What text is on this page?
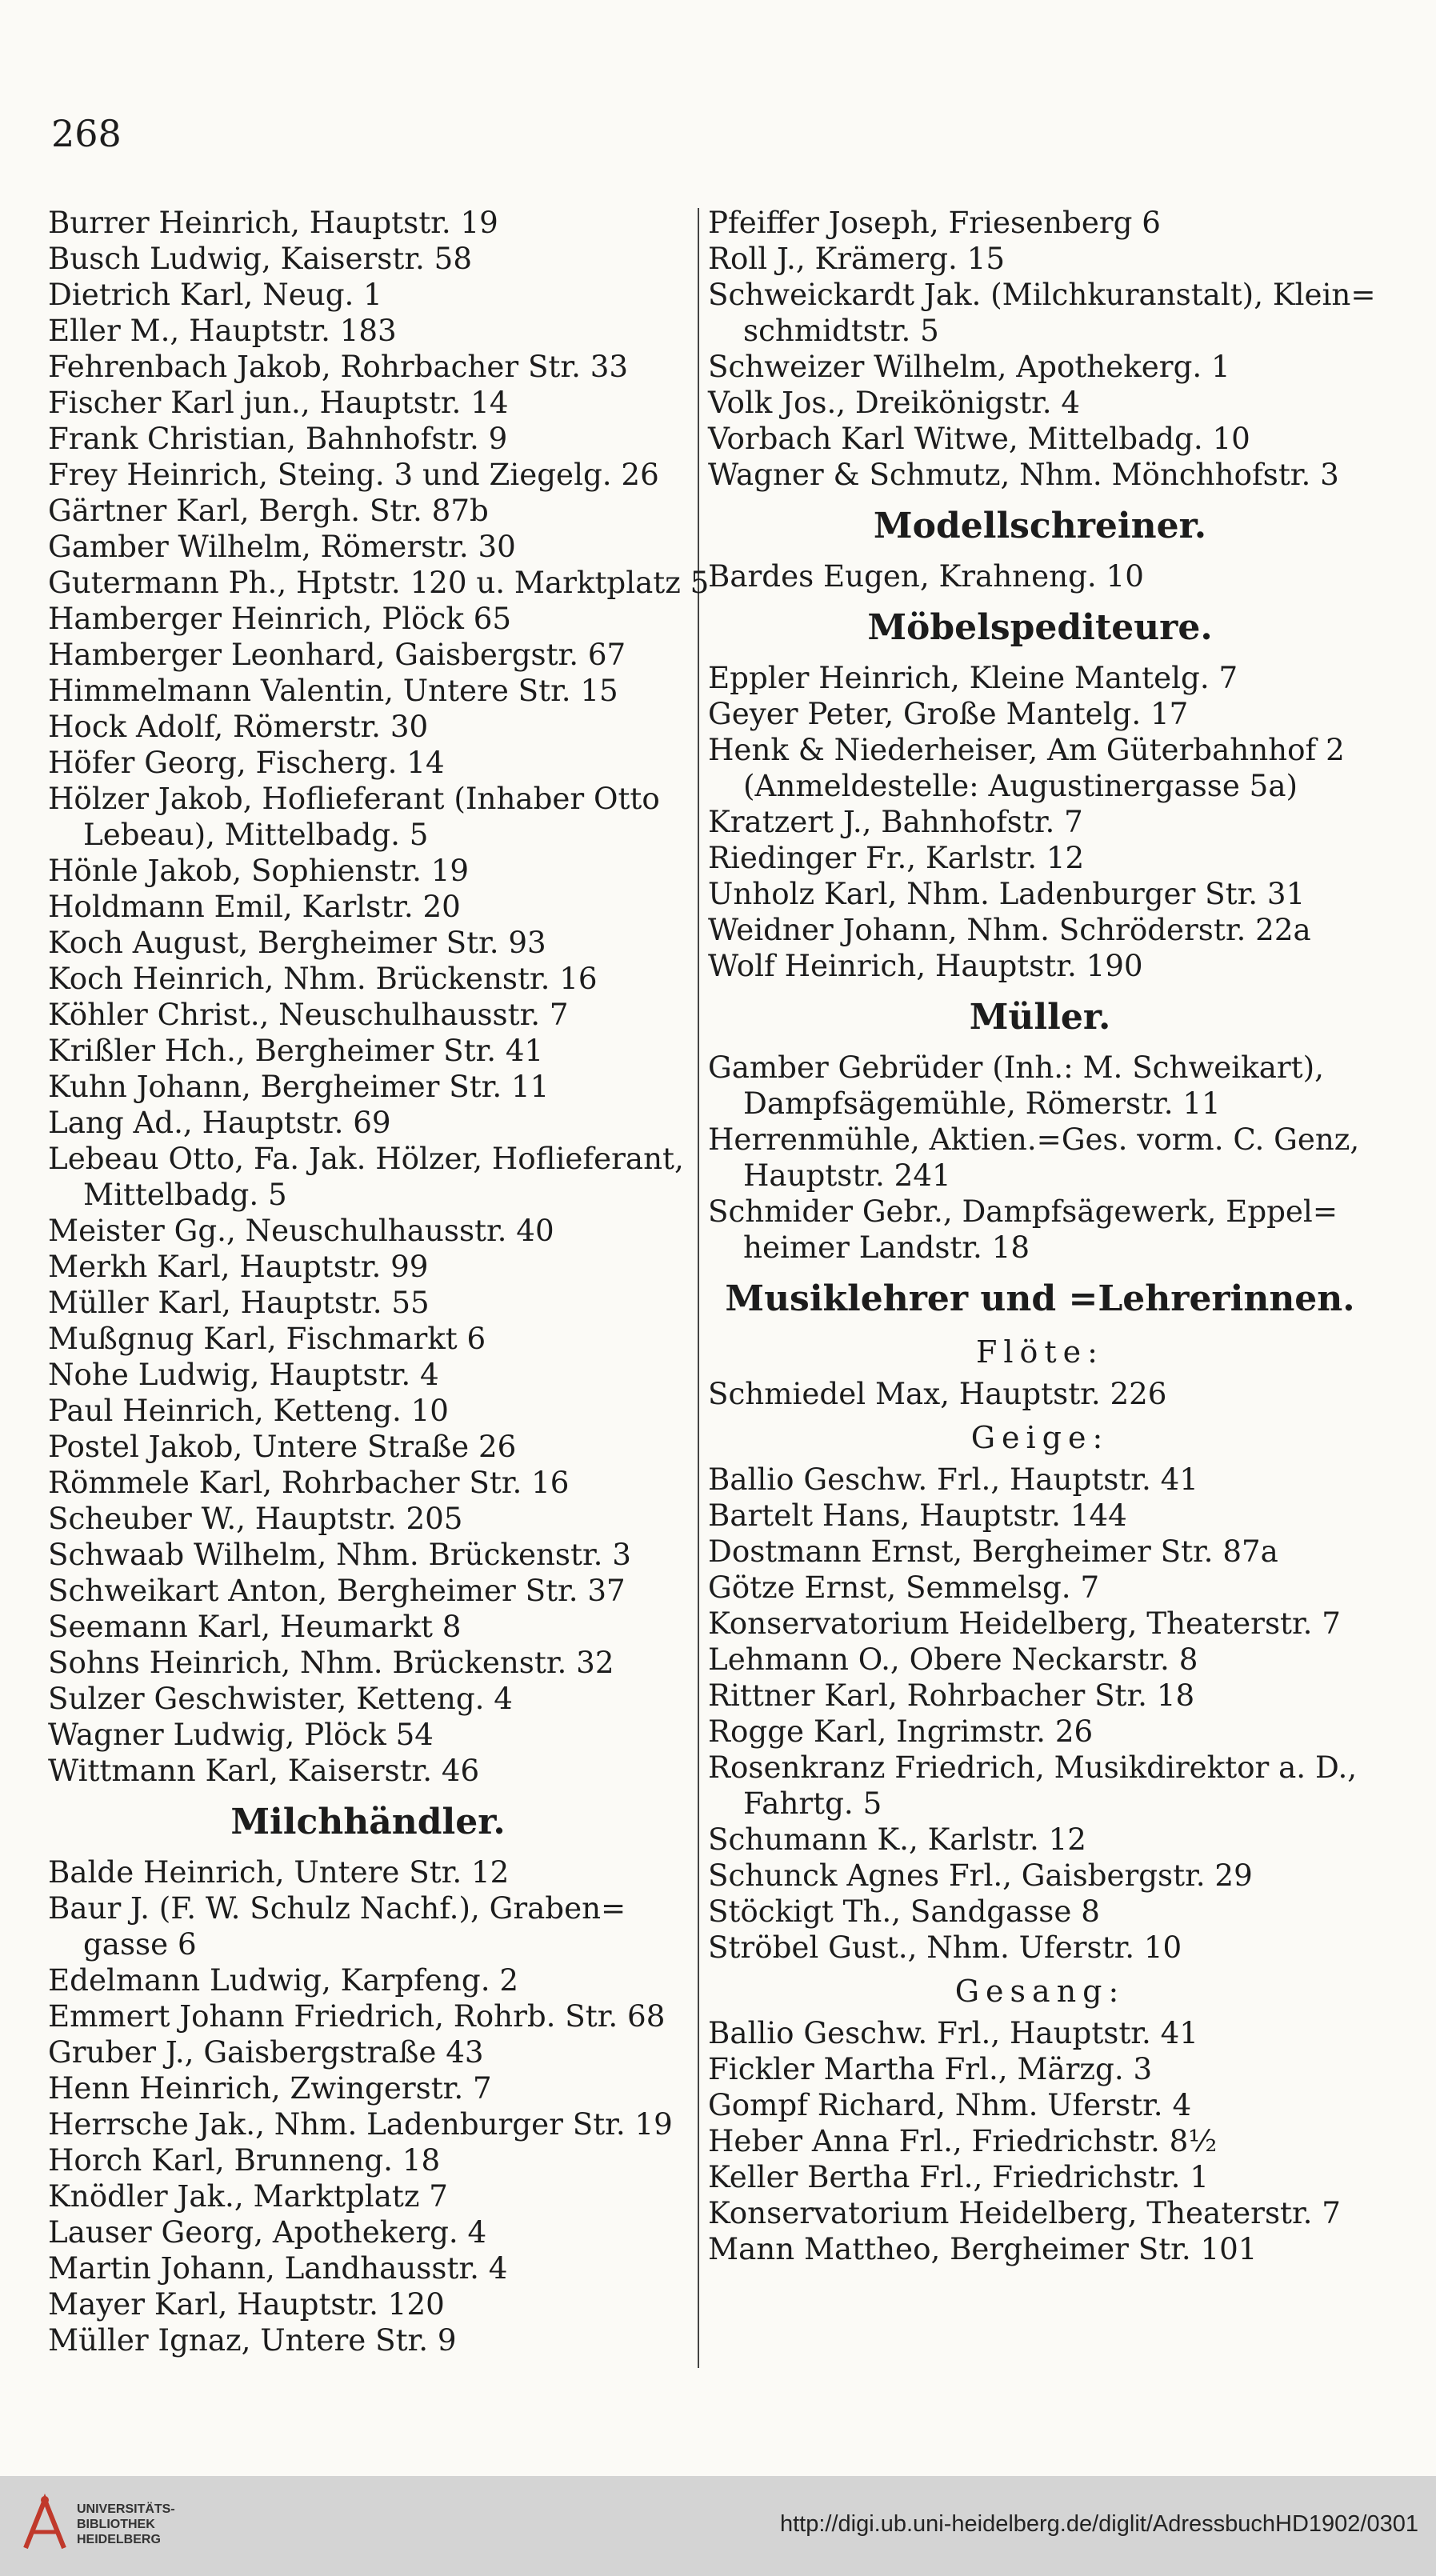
268
Burrer Heinrich, Hauptstr. 19
Busch Ludwig, Kaiserstr. 58
Dietrich Karl, Neug. 1
Eller M., Hauptstr. 183
Fehrenbach Jakob, Rohrbacher Str. 33
Fischer Karl jun., Hauptstr. 14
Frank Christian, Bahnhofstr. 9
Frey Heinrich, Steing. 3 und Ziegelg. 26
Gärtner Karl, Bergh. Str. 87b
Gamber Wilhelm, Römerstr. 30
Gutermann Ph., Hptstr. 120 u. Marktplatz 5
Hamberger Heinrich, Plöck 65
Hamberger Leonhard, Gaisbergstr. 67
Himmelmann Valentin, Untere Str. 15
Hock Adolf, Römerstr. 30
Höfer Georg, Fischerg. 14
Hölzer Jakob, Hoflieferant (Inhaber Otto
Lebeau), Mittelbadg. 5
Hönle Jakob, Sophienstr. 19
Holdmann Emil, Karlstr. 20
Koch August, Bergheimer Str. 93
Koch Heinrich, Nhm. Brückenstr. 16
Köhler Christ., Neuschulhausstr. 7
Krißler Hch., Bergheimer Str. 41
Kuhn Johann, Bergheimer Str. 11
Lang Ad., Hauptstr. 69
Lebeau Otto, Fa. Jak. Hölzer, Hoflieferant,
Mittelbadg. 5
Meister Gg., Neuschulhausstr. 40
Merkh Karl, Hauptstr. 99
Müller Karl, Hauptstr. 55
Mußgnug Karl, Fischmarkt 6
Nohe Ludwig, Hauptstr. 4
Paul Heinrich, Ketteng. 10
Postel Jakob, Untere Straße 26
Römmele Karl, Rohrbacher Str. 16
Scheuber W., Hauptstr. 205
Schwaab Wilhelm, Nhm. Brückenstr. 3
Schweikart Anton, Bergheimer Str. 37
Seemann Karl, Heumarkt 8
Sohns Heinrich, Nhm. Brückenstr. 32
Sulzer Geschwister, Ketteng. 4
Wagner Ludwig, Plöck 54
Wittmann Karl, Kaiserstr. 46
Milchhändler.
Balde Heinrich, Untere Str. 12
Baur J. (F. W. Schulz Nachf.), Graben=
gasse 6
Edelmann Ludwig, Karpfeng. 2
Emmert Johann Friedrich, Rohrb. Str. 68
Gruber J., Gaisbergstraße 43
Henn Heinrich, Zwingerstr. 7
Herrsche Jak., Nhm. Ladenburger Str. 19
Horch Karl, Brunneng. 18
Knödler Jak., Marktplatz 7
Lauser Georg, Apothekerg. 4
Martin Johann, Landhausstr. 4
Mayer Karl, Hauptstr. 120
Müller Ignaz, Untere Str. 9
Pfeiffer Joseph, Friesenberg 6
Roll J., Krämerg. 15
Schweickardt Jak. (Milchkuranstalt), Klein=
schmidtstr. 5
Schweizer Wilhelm, Apothekerg. 1
Volk Jos., Dreikönigstr. 4
Vorbach Karl Witwe, Mittelbadg. 10
Wagner & Schmutz, Nhm. Mönchhofstr. 3
Modellschreiner.
Bardes Eugen, Krahneng. 10
Möbelspediteure.
Eppler Heinrich, Kleine Mantelg. 7
Geyer Peter, Große Mantelg. 17
Henk & Niederheiser, Am Güterbahnhof 2
(Anmeldestelle: Augustinergasse 5a)
Kratzert J., Bahnhofstr. 7
Riedinger Fr., Karlstr. 12
Unholz Karl, Nhm. Ladenburger Str. 31
Weidner Johann, Nhm. Schröderstr. 22a
Wolf Heinrich, Hauptstr. 190
Müller.
Gamber Gebrüder (Inh.: M. Schweikart),
Dampfsägemühle, Römerstr. 11
Herrenmühle, Aktien.=Ges. vorm. C. Genz,
Hauptstr. 241
Schmider Gebr., Dampfsägewerk, Eppel=
heimer Landstr. 18
Musiklehrer und =Lehrerinnen.
Flöte:
Schmiedel Max, Hauptstr. 226
Geige:
Ballio Geschw. Frl., Hauptstr. 41
Bartelt Hans, Hauptstr. 144
Dostmann Ernst, Bergheimer Str. 87a
Götze Ernst, Semmelsg. 7
Konservatorium Heidelberg, Theaterstr. 7
Lehmann O., Obere Neckarstr. 8
Rittner Karl, Rohrbacher Str. 18
Rogge Karl, Ingrimstr. 26
Rosenkranz Friedrich, Musikdirektor a. D.,
Fahrtg. 5
Schumann K., Karlstr. 12
Schunck Agnes Frl., Gaisbergstr. 29
Stöckigt Th., Sandgasse 8
Ströbel Gust., Nhm. Uferstr. 10
Gesang:
Ballio Geschw. Frl., Hauptstr. 41
Fickler Martha Frl., Märzg. 3
Gompf Richard, Nhm. Uferstr. 4
Heber Anna Frl., Friedrichstr. 8½
Keller Bertha Frl., Friedrichstr. 1
Konservatorium Heidelberg, Theaterstr. 7
Mann Mattheo, Bergheimer Str. 101
UNIVERSITÄTS-
BIBLIOTHEK
HEIDELBERG
http://digi.ub.uni-heidelberg.de/diglit/AdressbuchHD1902/0301
